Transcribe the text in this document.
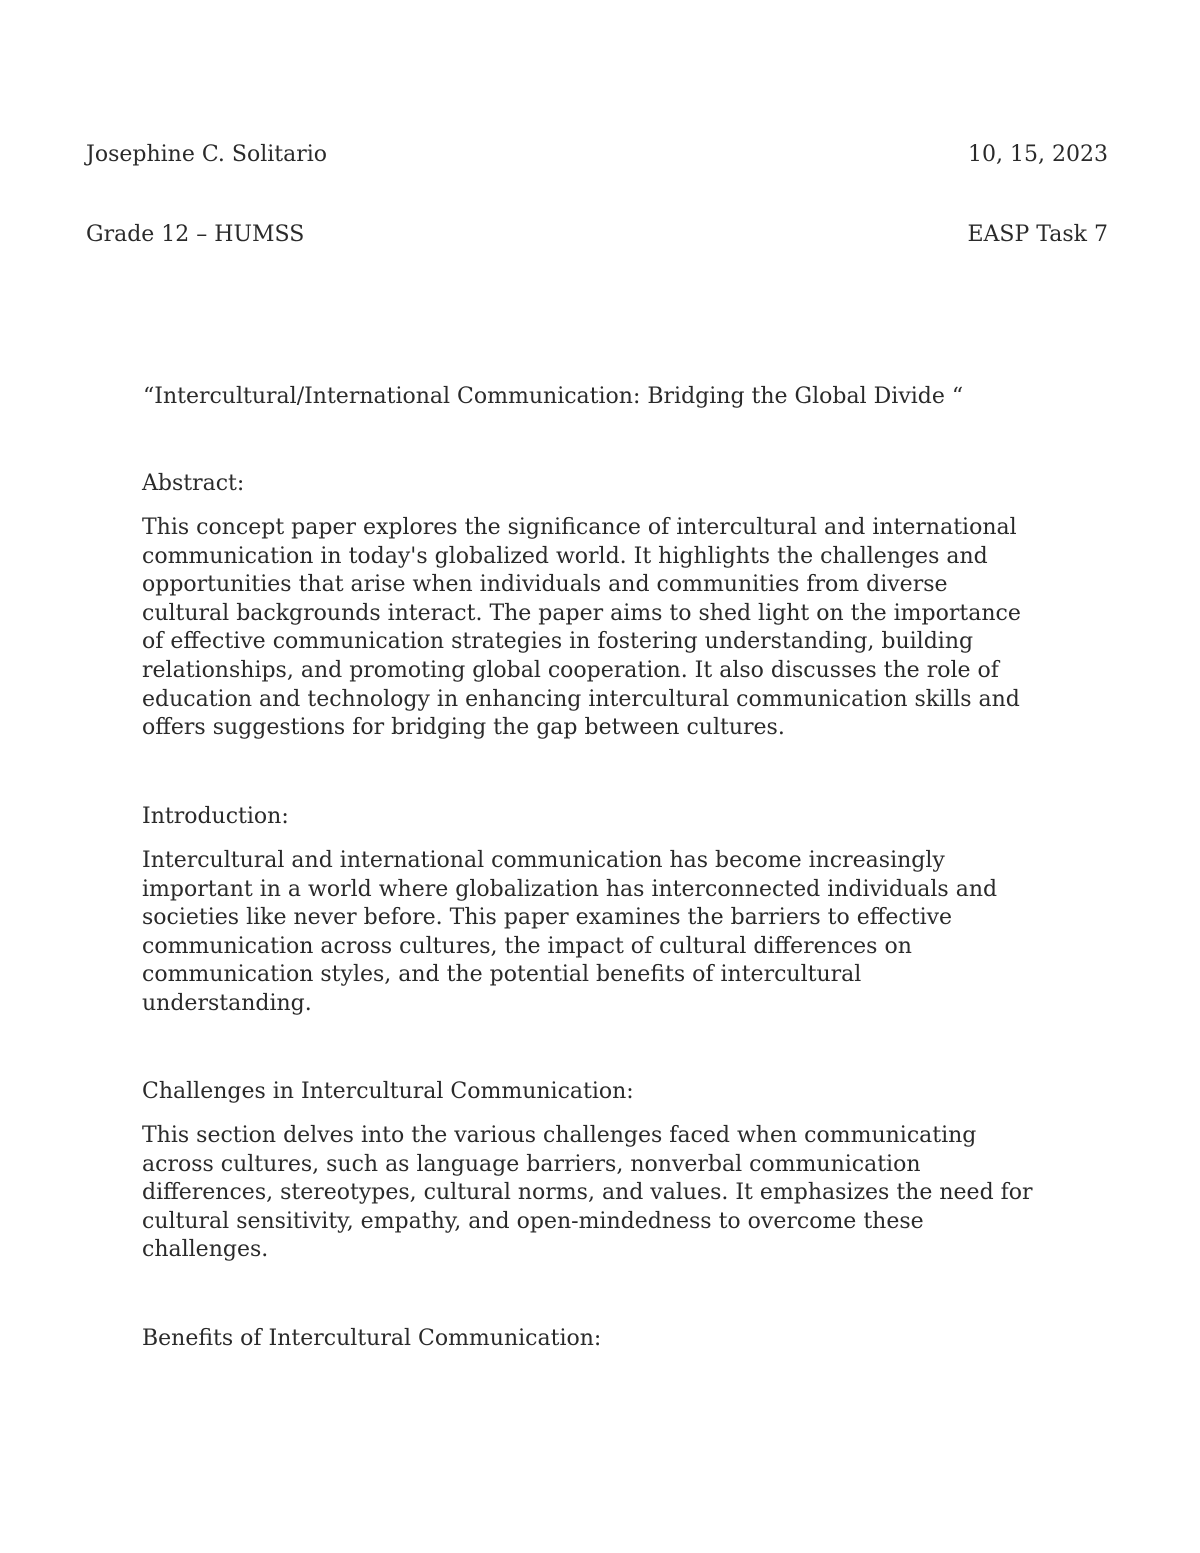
Josephine C. Solitario	10, 15, 2023
Grade 12 – HUMSS	EASP Task 7
“Intercultural/International Communication: Bridging the Global Divide “

Abstract:

This concept paper explores the significance of intercultural and international
communication in today's globalized world. It highlights the challenges and
opportunities that arise when individuals and communities from diverse
cultural backgrounds interact. The paper aims to shed light on the importance
of effective communication strategies in fostering understanding, building
relationships, and promoting global cooperation. It also discusses the role of
education and technology in enhancing intercultural communication skills and
offers suggestions for bridging the gap between cultures.

Introduction:

Intercultural and international communication has become increasingly
important in a world where globalization has interconnected individuals and
societies like never before. This paper examines the barriers to effective
communication across cultures, the impact of cultural differences on
communication styles, and the potential benefits of intercultural
understanding.

Challenges in Intercultural Communication:

This section delves into the various challenges faced when communicating
across cultures, such as language barriers, nonverbal communication
differences, stereotypes, cultural norms, and values. It emphasizes the need for
cultural sensitivity, empathy, and open-mindedness to overcome these
challenges.

Benefits of Intercultural Communication:
